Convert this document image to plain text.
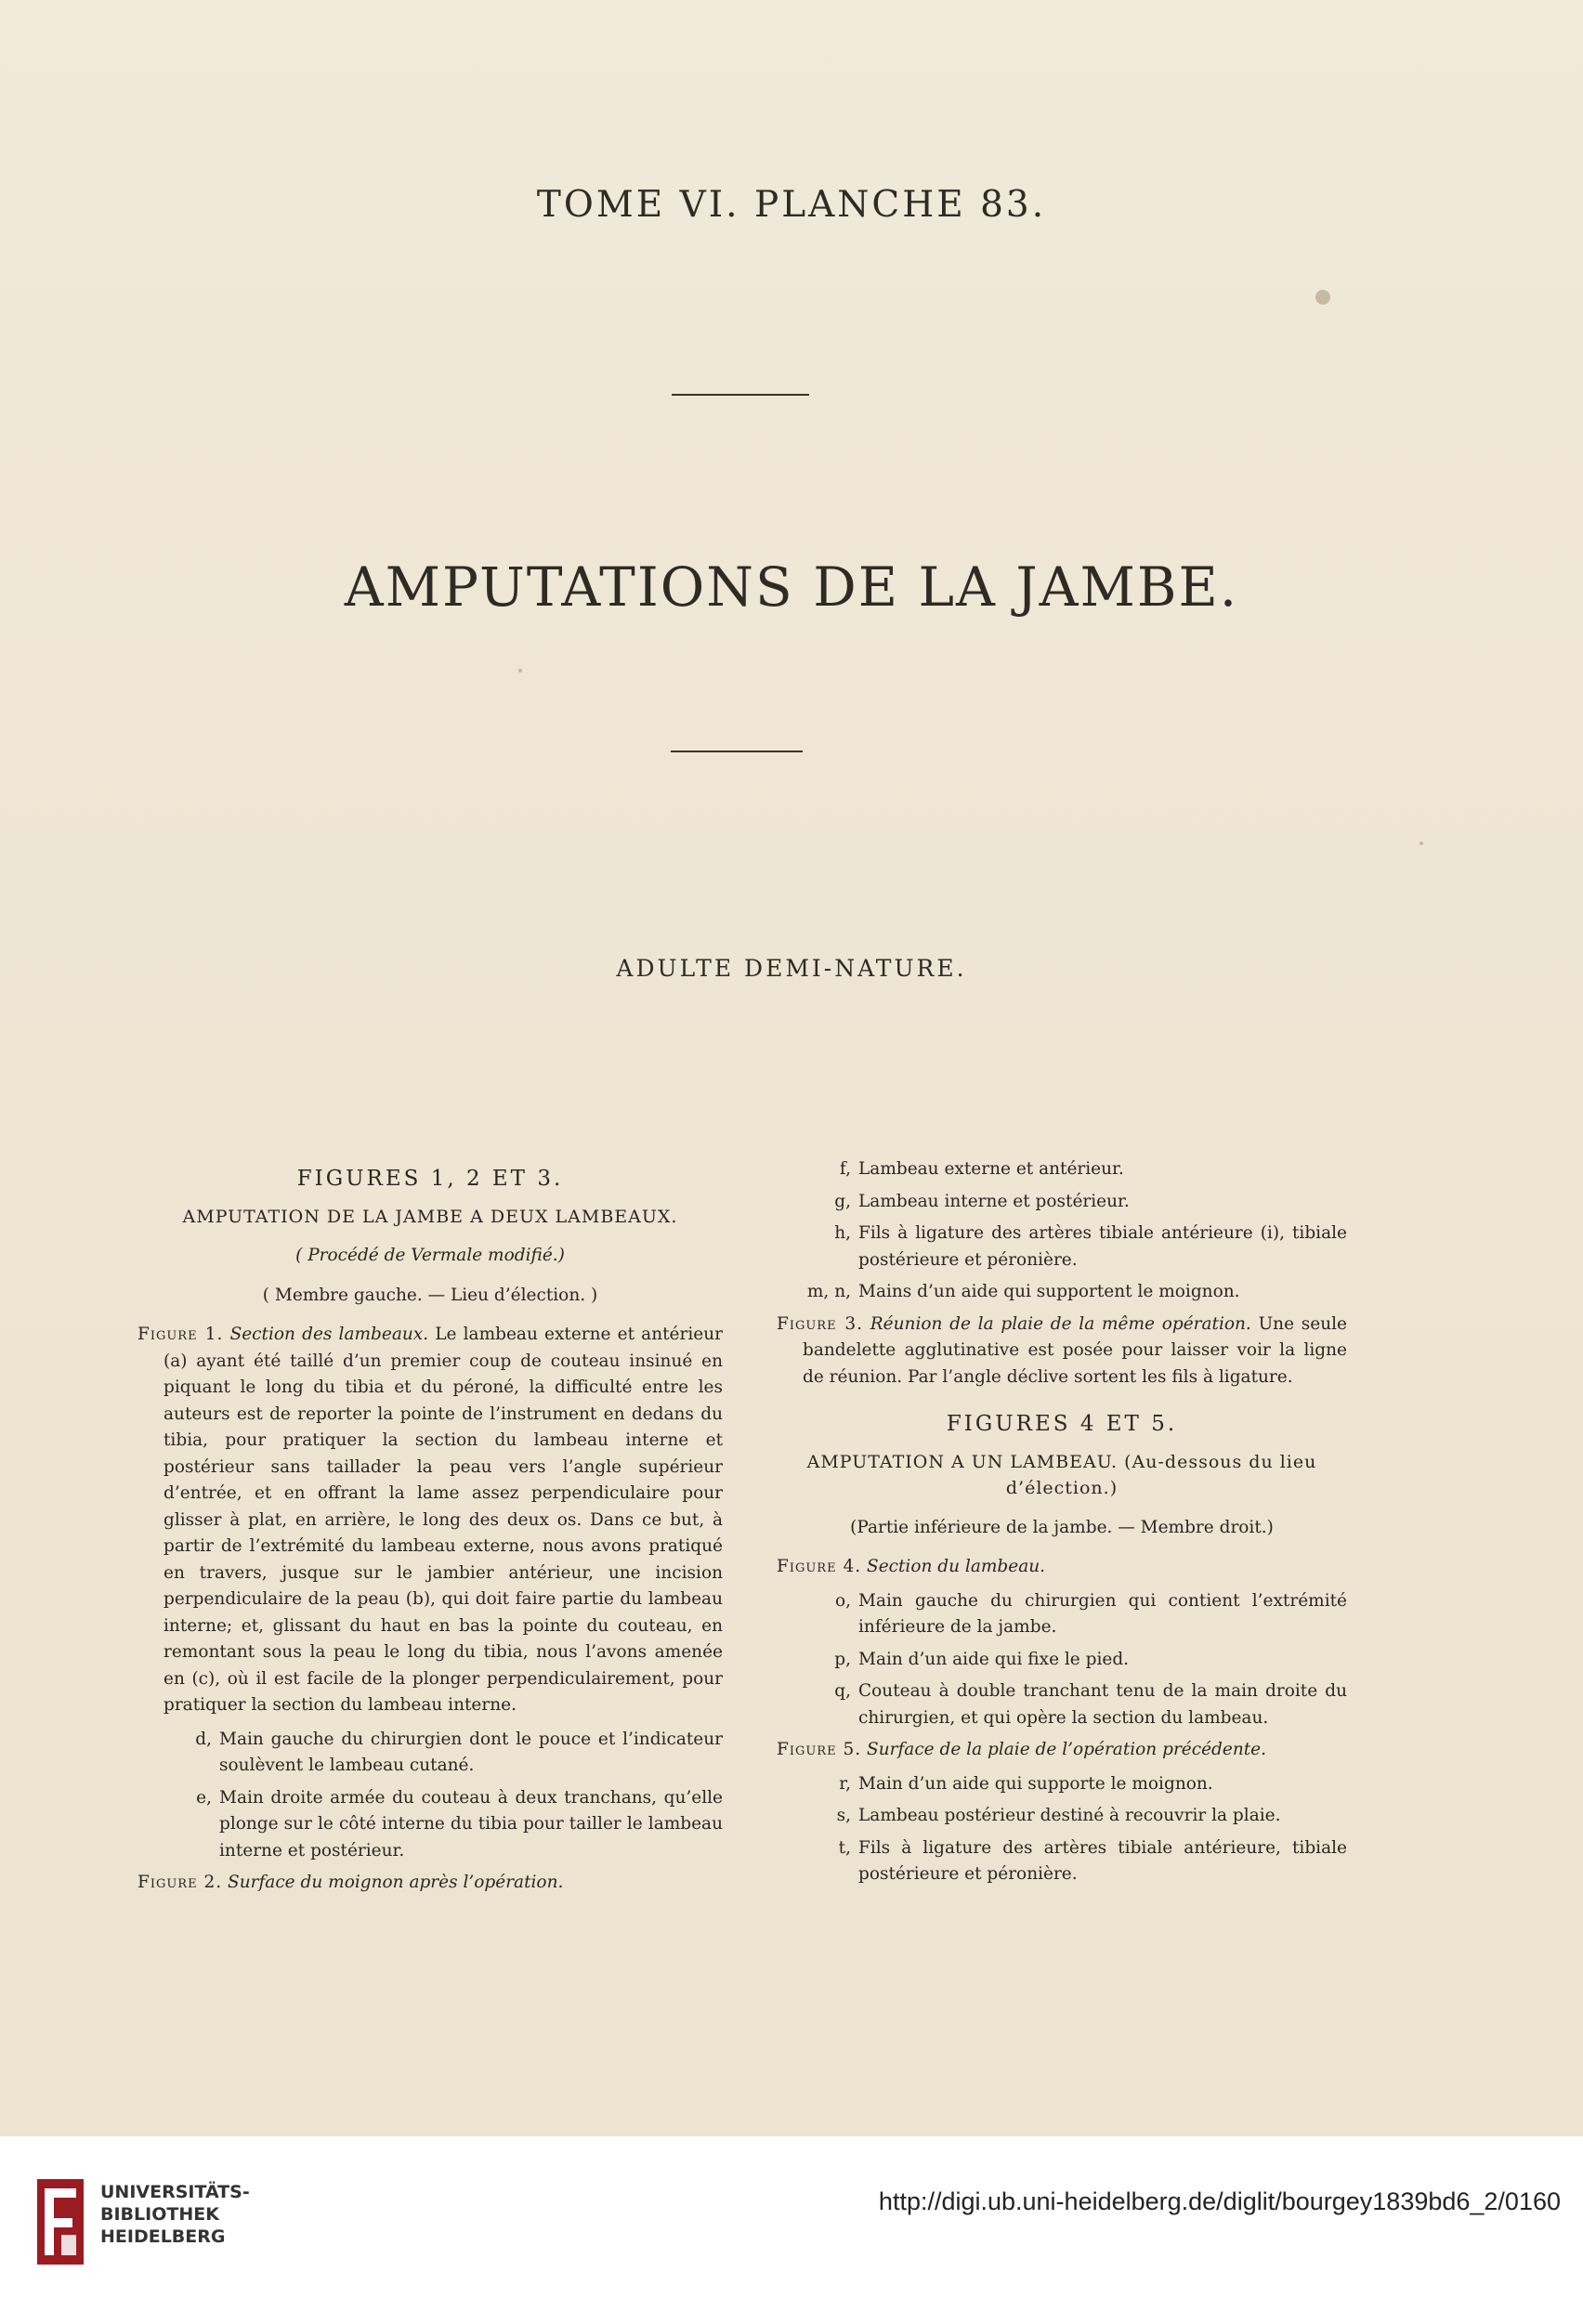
TOME VI. PLANCHE 83.
AMPUTATIONS DE LA JAMBE.
ADULTE DEMI-NATURE.
FIGURES 1, 2 ET 3.
AMPUTATION DE LA JAMBE A DEUX LAMBEAUX.
( Procédé de Vermale modifié.)
( Membre gauche. — Lieu d’élection. )

Figure 1. Section des lambeaux. Le lambeau externe et antérieur (a) ayant été taillé d’un premier coup de couteau insinué en piquant le long du tibia et du péroné, la difficulté entre les auteurs est de reporter la pointe de l’instrument en dedans du tibia, pour pratiquer la section du lambeau interne et postérieur sans taillader la peau vers l’angle supérieur d’entrée, et en offrant la lame assez perpendiculaire pour glisser à plat, en arrière, le long des deux os. Dans ce but, à partir de l’extrémité du lambeau externe, nous avons pratiqué en travers, jusque sur le jambier antérieur, une incision perpendiculaire de la peau (b), qui doit faire partie du lambeau interne; et, glissant du haut en bas la pointe du couteau, en remontant sous la peau le long du tibia, nous l’avons amenée en (c), où il est facile de la plonger perpendiculairement, pour pratiquer la section du lambeau interne.

d, Main gauche du chirurgien dont le pouce et l’indicateur soulèvent le lambeau cutané.
e, Main droite armée du couteau à deux tranchans, qu’elle plonge sur le côté interne du tibia pour tailler le lambeau interne et postérieur.

Figure 2. Surface du moignon après l’opération.

f, Lambeau externe et antérieur.
g, Lambeau interne et postérieur.
h, Fils à ligature des artères tibiale antérieure (i), tibiale postérieure et péronière.
m, n, Mains d’un aide qui supportent le moignon.

Figure 3. Réunion de la plaie de la même opération. Une seule bandelette agglutinative est posée pour laisser voir la ligne de réunion. Par l’angle déclive sortent les fils à ligature.

FIGURES 4 ET 5.
AMPUTATION A UN LAMBEAU. (Au-dessous du lieu d’élection.)
(Partie inférieure de la jambe. — Membre droit.)

Figure 4. Section du lambeau.

o, Main gauche du chirurgien qui contient l’extrémité inférieure de la jambe.
p, Main d’un aide qui fixe le pied.
q, Couteau à double tranchant tenu de la main droite du chirurgien, et qui opère la section du lambeau.

Figure 5. Surface de la plaie de l’opération précédente.

r, Main d’un aide qui supporte le moignon.
s, Lambeau postérieur destiné à recouvrir la plaie.
t, Fils à ligature des artères tibiale antérieure, tibiale postérieure et péronière.
UNIVERSITÄTS-
BIBLIOTHEK
HEIDELBERG
http://digi.ub.uni-heidelberg.de/diglit/bourgey1839bd6_2/0160
